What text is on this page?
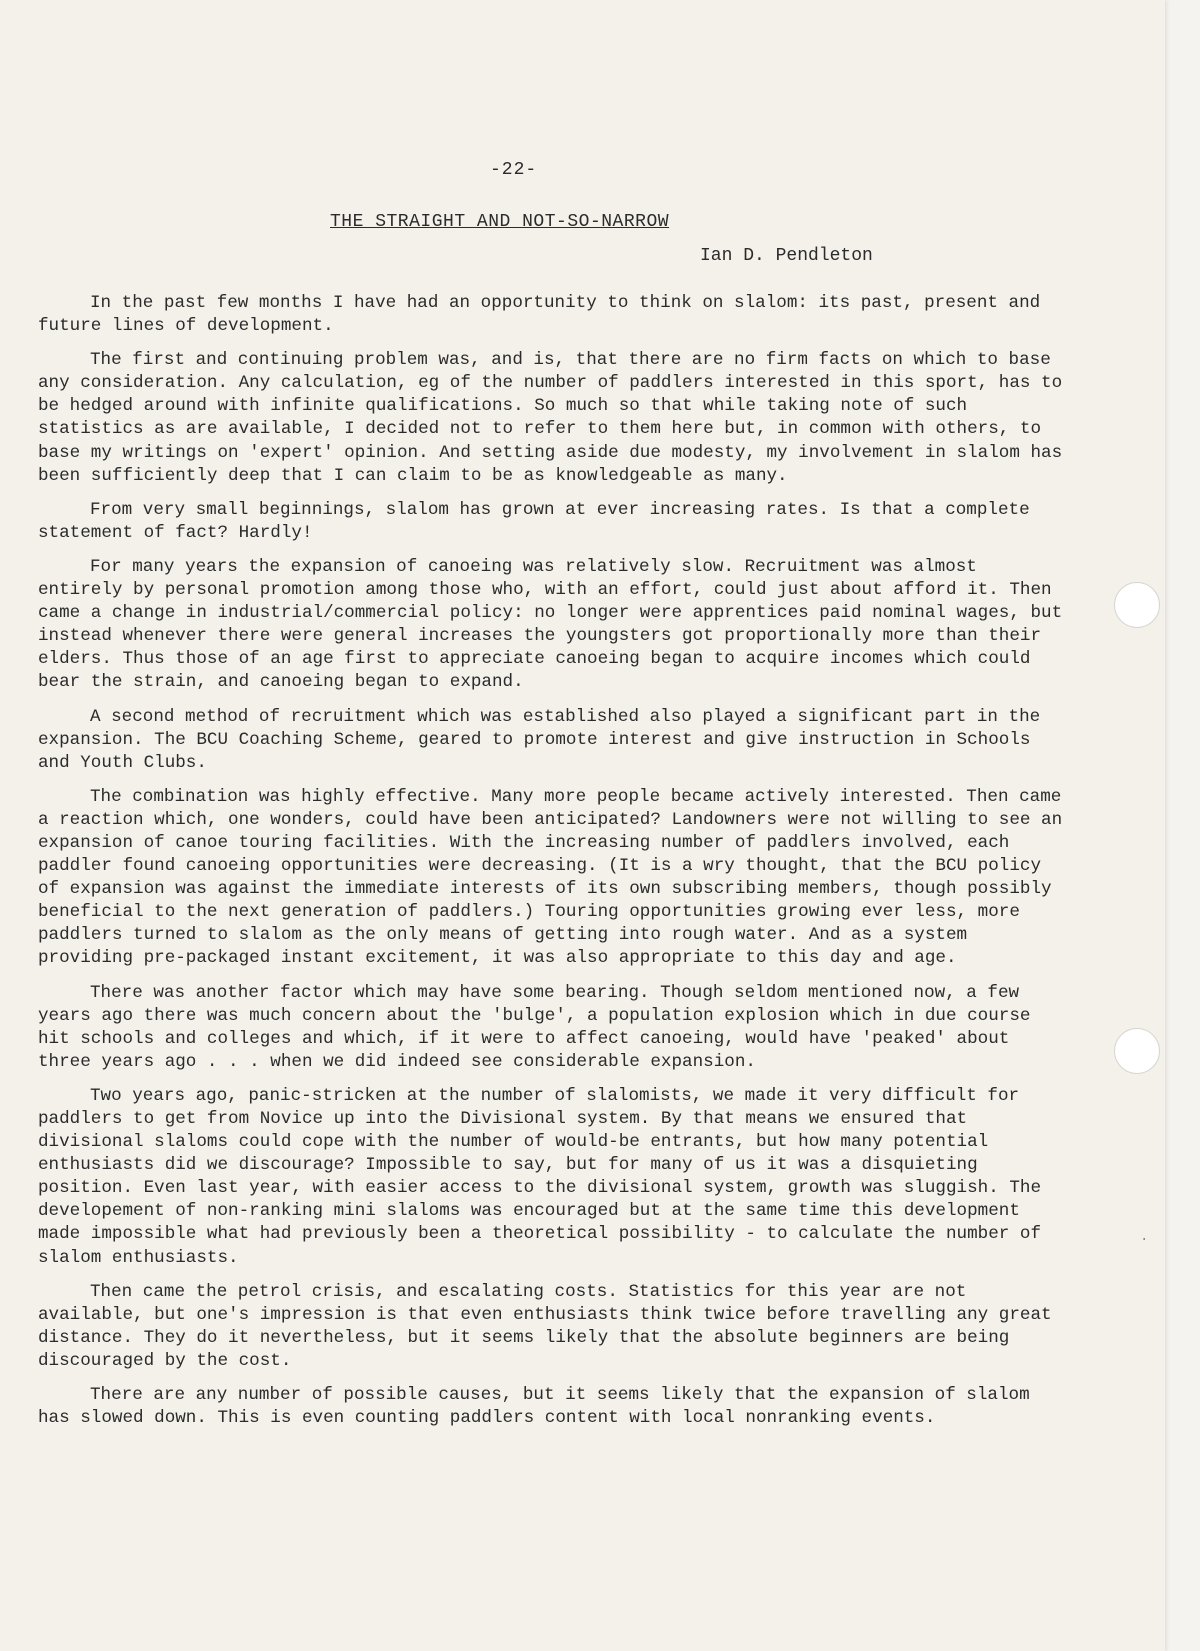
·
-22-
THE STRAIGHT AND NOT-SO-NARROW
Ian D. Pendleton

In the past few months I have had an opportunity to think on slalom: its past, present and future lines of development.

The first and continuing problem was, and is, that there are no firm facts on which to base any consideration. Any calculation, eg of the number of paddlers interested in this sport, has to be hedged around with infinite qualifications. So much so that while taking note of such statistics as are available, I decided not to refer to them here but, in common with others, to base my writings on 'expert' opinion. And setting aside due modesty, my involvement in slalom has been sufficiently deep that I can claim to be as knowledgeable as many.

From very small beginnings, slalom has grown at ever increasing rates. Is that a complete statement of fact? Hardly!

For many years the expansion of canoeing was relatively slow. Recruitment was almost entirely by personal promotion among those who, with an effort, could just about afford it. Then came a change in industrial/commercial policy: no longer were apprentices paid nominal wages, but instead whenever there were general increases the youngsters got proportionally more than their elders. Thus those of an age first to appreciate canoeing began to acquire incomes which could bear the strain, and canoeing began to expand.

A second method of recruitment which was established also played a significant part in the expansion. The BCU Coaching Scheme, geared to promote interest and give instruction in Schools and Youth Clubs.

The combination was highly effective. Many more people became actively interested. Then came a reaction which, one wonders, could have been anticipated? Landowners were not willing to see an expansion of canoe touring facilities. With the increasing number of paddlers involved, each paddler found canoeing opportunities were decreasing. (It is a wry thought, that the BCU policy of expansion was against the immediate interests of its own subscribing members, though possibly beneficial to the next generation of paddlers.) Touring opportunities growing ever less, more paddlers turned to slalom as the only means of getting into rough water. And as a system providing pre-packaged instant excitement, it was also appropriate to this day and age.

There was another factor which may have some bearing. Though seldom mentioned now, a few years ago there was much concern about the 'bulge', a population explosion which in due course hit schools and colleges and which, if it were to affect canoeing, would have 'peaked' about three years ago . . . when we did indeed see considerable expansion.

Two years ago, panic-stricken at the number of slalomists, we made it very difficult for paddlers to get from Novice up into the Divisional system. By that means we ensured that divisional slaloms could cope with the number of would-be entrants, but how many potential enthusiasts did we discourage? Impossible to say, but for many of us it was a disquieting position. Even last year, with easier access to the divisional system, growth was sluggish. The developement of non-ranking mini slaloms was encouraged but at the same time this development made impossible what had previously been a theoretical possibility - to calculate the number of slalom enthusiasts.

Then came the petrol crisis, and escalating costs. Statistics for this year are not available, but one's impression is that even enthusiasts think twice before travelling any great distance. They do it nevertheless, but it seems likely that the absolute beginners are being discouraged by the cost.

There are any number of possible causes, but it seems likely that the expansion of slalom has slowed down. This is even counting paddlers content with local nonranking events.
